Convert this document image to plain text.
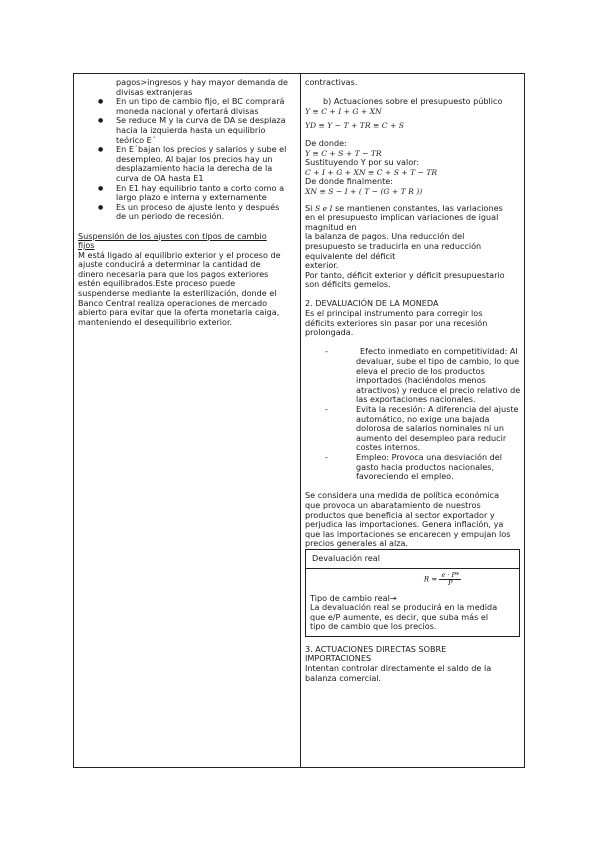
pagos>ingresos y hay mayor demanda de
divisas extranjeras
● En un tipo de cambio fijo, el BC comprará
moneda nacional y ofertará divisas
● Se reduce M y la curva de DA se desplaza
hacia la izquierda hasta un equilibrio
teórico E´
● En E´bajan los precios y salarios y sube el
desempleo. Al bajar los precios hay un
desplazamiento hacia la derecha de la
curva de OA hasta E1
● En E1 hay equilibrio tanto a corto como a
largo plazo e interna y externamente
● Es un proceso de ajuste lento y después
de un periodo de recesión.
Suspensión de los ajustes con tipos de cambio
fijos
M está ligado al equilibrio exterior y el proceso de
ajuste conducirá a determinar la cantidad de
dinero necesaria para que los pagos exteriores
estén equilibrados.Este proceso puede
suspenderse mediante la esterilización, donde el
Banco Central realiza operaciones de mercado
abierto para evitar que la oferta monetaria caiga,
manteniendo el desequilibrio exterior.
contractivas.
b) Actuaciones sobre el presupuesto público
Y ≡ C + I + G + XN
YD ≡ Y − T + TR ≡ C + S
De donde:
Y ≡ C + S + T − TR
Sustituyendo Y por su valor:
C + I + G + XN ≡ C + S + T − TR
De donde finalmente:
XN ≡ S − I + ( T − (G + T R ))
Si S e I se mantienen constantes, las variaciones
en el presupuesto implican variaciones de igual
magnitud en
la balanza de pagos. Una reducción del
presupuesto se traducirla en una reducción
equivalente del déficit
exterior.
Por tanto, déficit exterior y déficit presupuestario
son déficits gemelos.
2. DEVALUACIÓN DE LA MONEDA
Es el principal instrumento para corregir los
déficits exteriores sin pasar por una recesión
prolongada.
- Efecto inmediato en competitividad: Al
devaluar, sube el tipo de cambio, lo que
eleva el precio de los productos
importados (haciéndolos menos
atractivos) y reduce el precio relativo de
las exportaciones nacionales.
- Evita la recesión: A diferencia del ajuste
automático, no exige una bajada
dolorosa de salarios nominales ni un
aumento del desempleo para reducir
costes internos.
- Empleo: Provoca una desviación del
gasto hacia productos nacionales,
favoreciendo el empleo.
Se considera una medida de política económica
que provoca un abaratamiento de nuestros
productos que beneficia al sector exportador y
perjudica las importaciones. Genera inflación, ya
que las importaciones se encarecen y empujan los
precios generales al alza.
Devaluación real
$R = \frac{e \cdot P*}{P}$
Tipo de cambio real→
La devaluación real se producirá en la medida
que e/P aumente, es decir, que suba más el
tipo de cambio que los precios.
3. ACTUACIONES DIRECTAS SOBRE
IMPORTACIONES
Intentan controlar directamente el saldo de la
balanza comercial.
